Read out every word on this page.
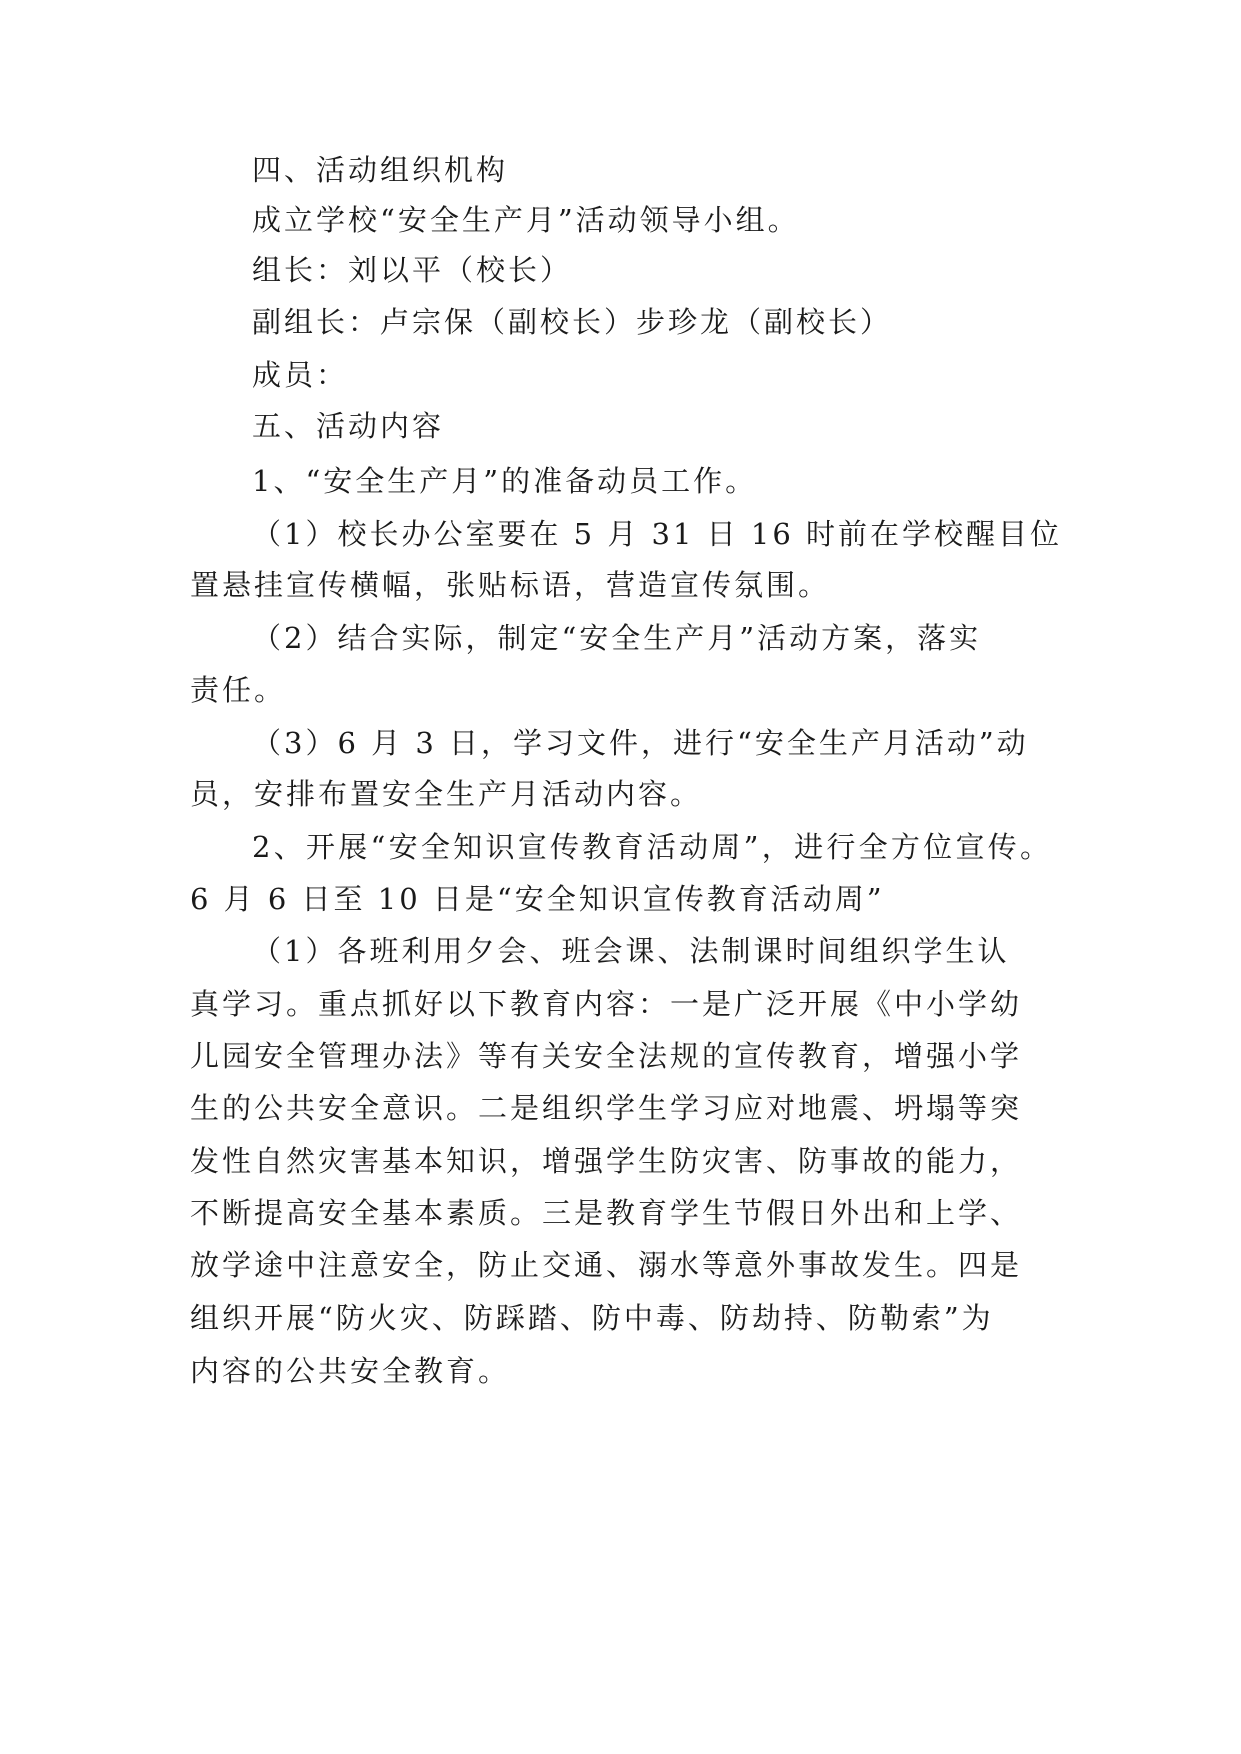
四、活动组织机构
成立学校“安全生产月”活动领导小组。
组长：刘以平（校长）
副组长：卢宗保（副校长）步珍龙（副校长）
成员：
五、活动内容
1、“安全生产月”的准备动员工作。
（1）校长办公室要在 5 月 31 日 16 时前在学校醒目位
置悬挂宣传横幅，张贴标语，营造宣传氛围。
（2）结合实际，制定“安全生产月”活动方案，落实
责任。
（3）6 月 3 日，学习文件，进行“安全生产月活动”动
员，安排布置安全生产月活动内容。
2、开展“安全知识宣传教育活动周”，进行全方位宣传。
6 月 6 日至 10 日是“安全知识宣传教育活动周”
（1）各班利用夕会、班会课、法制课时间组织学生认
真学习。重点抓好以下教育内容：一是广泛开展《中小学幼
儿园安全管理办法》等有关安全法规的宣传教育，增强小学
生的公共安全意识。二是组织学生学习应对地震、坍塌等突
发性自然灾害基本知识，增强学生防灾害、防事故的能力，
不断提高安全基本素质。三是教育学生节假日外出和上学、
放学途中注意安全，防止交通、溺水等意外事故发生。四是
组织开展“防火灾、防踩踏、防中毒、防劫持、防勒索”为
内容的公共安全教育。
